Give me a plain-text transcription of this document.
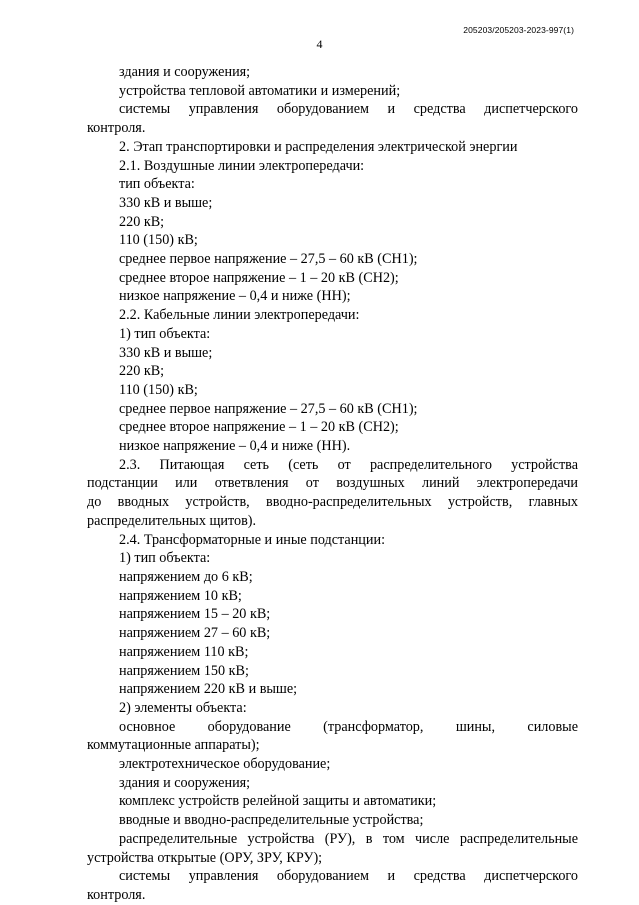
205203/205203-2023-997(1)
4
здания и сооружения;
устройства тепловой автоматики и измерений;
системы управления оборудованием и средства диспетчерского
контроля.
2. Этап транспортировки и распределения электрической энергии
2.1. Воздушные линии электропередачи:
тип объекта:
330 кВ и выше;
220 кВ;
110 (150) кВ;
среднее первое напряжение – 27,5 – 60 кВ (СН1);
среднее второе напряжение – 1 – 20 кВ (СН2);
низкое напряжение – 0,4 и ниже (НН);
2.2. Кабельные линии электропередачи:
1) тип объекта:
330 кВ и выше;
220 кВ;
110 (150) кВ;
среднее первое напряжение – 27,5 – 60 кВ (СН1);
среднее второе напряжение – 1 – 20 кВ (СН2);
низкое напряжение – 0,4 и ниже (НН).
2.3. Питающая сеть (сеть от распределительного устройства
подстанции или ответвления от воздушных линий электропередачи
до вводных устройств, вводно-распределительных устройств, главных
распределительных щитов).
2.4. Трансформаторные и иные подстанции:
1) тип объекта:
напряжением до 6 кВ;
напряжением 10 кВ;
напряжением 15 – 20 кВ;
напряжением 27 – 60 кВ;
напряжением 110 кВ;
напряжением 150 кВ;
напряжением 220 кВ и выше;
2) элементы объекта:
основное оборудование (трансформатор, шины, силовые
коммутационные аппараты);
электротехническое оборудование;
здания и сооружения;
комплекс устройств релейной защиты и автоматики;
вводные и вводно-распределительные устройства;
распределительные устройства (РУ), в том числе распределительные
устройства открытые (ОРУ, ЗРУ, КРУ);
системы управления оборудованием и средства диспетчерского
контроля.
